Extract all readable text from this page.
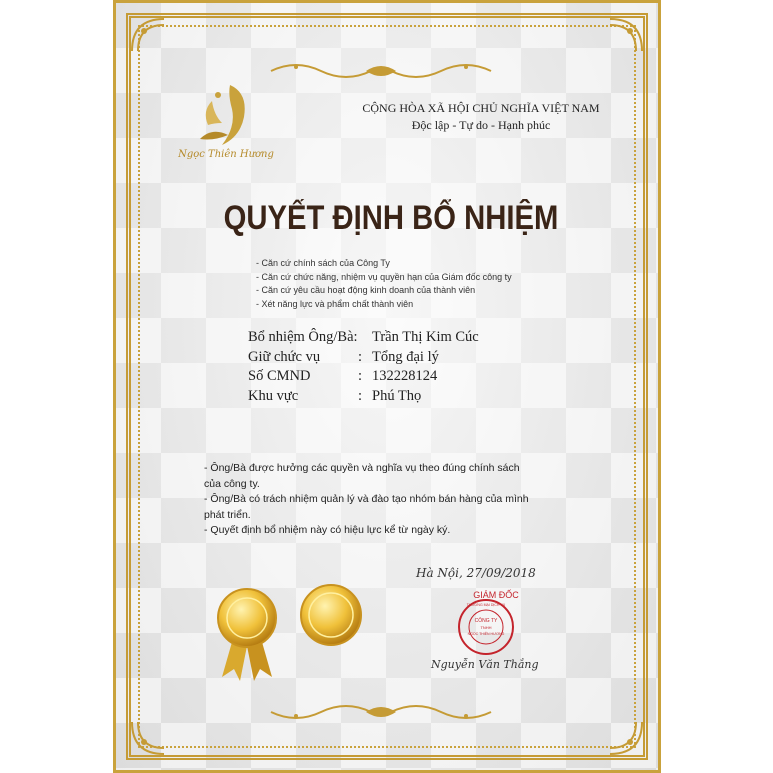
Ngọc Thiên Hương
CỘNG HÒA XÃ HỘI CHỦ NGHĨA VIỆT NAM
Độc lập - Tự do - Hạnh phúc
QUYẾT ĐỊNH BỔ NHIỆM
- Căn cứ chính sách của Công Ty
- Căn cứ chức năng, nhiệm vụ quyền hạn của Giám đốc công ty
- Căn cứ yêu cầu hoạt động kinh doanh của thành viên
- Xét năng lực và phẩm chất thành viên
Bổ nhiệm Ông/Bà: Trần Thị Kim Cúc
Giữ chức vụ	: Tổng đại lý
Số CMND	: 132228124
Khu vực	: Phú Thọ
- Ông/Bà được hưởng các quyền và nghĩa vụ theo đúng chính sách
của công ty.
- Ông/Bà có trách nhiệm quản lý và đào tạo nhóm bán hàng của mình
phát triển.
- Quyết định bổ nhiệm này có hiệu lực kể từ ngày ký.
Hà Nội, 27/09/2018
GIÁM ĐỐC
CÔNG TY
TNHH
NGỌC THIÊN HƯƠNG
THƯƠNG MẠI DỊCH VỤ
Nguyễn Văn Thắng
